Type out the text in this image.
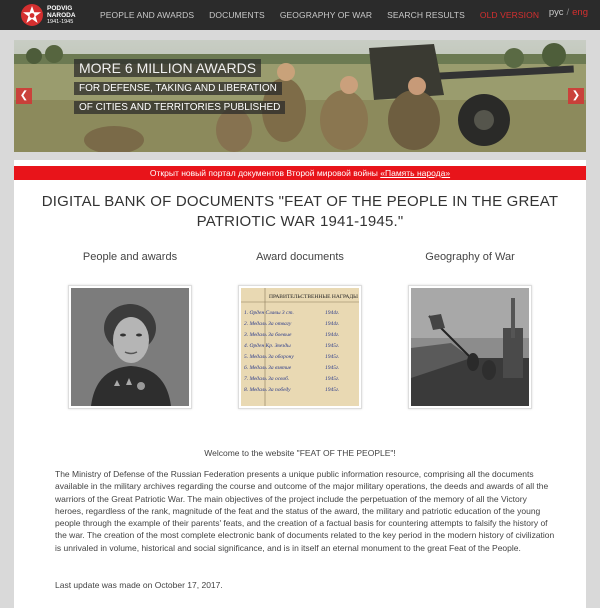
PODVIG
NARODA
1941-1945
PEOPLE AND AWARDS DOCUMENTS GEOGRAPHY OF WAR SEARCH RESULTS OLD VERSION рус / eng
MORE 6 MILLION AWARDS
FOR DEFENSE, TAKING AND LIBERATION
OF CITIES AND TERRITORIES PUBLISHED
❮	❯
Открыт новый портал документов Второй мировой войны «Память народа»
DIGITAL BANK OF DOCUMENTS "FEAT OF THE PEOPLE IN THE GREAT
PATRIOTIC WAR 1941-1945."
People and awards	Award documents	Geography of War
ПРАВИТЕЛЬСТВЕННЫЕ НАГРАДЫ
1. Орден Славы 3 ст.	1944г.
2. Медаль За отвагу	1944г.
3. Медаль За боевые	1944г.
4. Орден Кр. Звезды	1945г.
5. Медаль За оборону	1945г.
6. Медаль За взятие	1945г.
7. Медаль За освоб.	1945г.
8. Медаль За победу	1945г.
Welcome to the website "FEAT OF THE PEOPLE"!

The Ministry of Defense of the Russian Federation presents a unique public information resource, comprising all the documents available in the military archives regarding the course and outcome of the major military operations, the deeds and awards of all the warriors of the Great Patriotic War. The main objectives of the project include the perpetuation of the memory of all the Victory heroes, regardless of the rank, magnitude of the feat and the status of the award, the military and patriotic education of the young people through the example of their parents' feats, and the creation of a factual basis for countering attempts to falsify the history of the war. The creation of the most complete electronic bank of documents related to the key period in the modern history of civilization is unrivaled in volume, historical and social significance, and is in itself an eternal monument to the great Feat of the People.

Last update was made on October 17, 2017.
